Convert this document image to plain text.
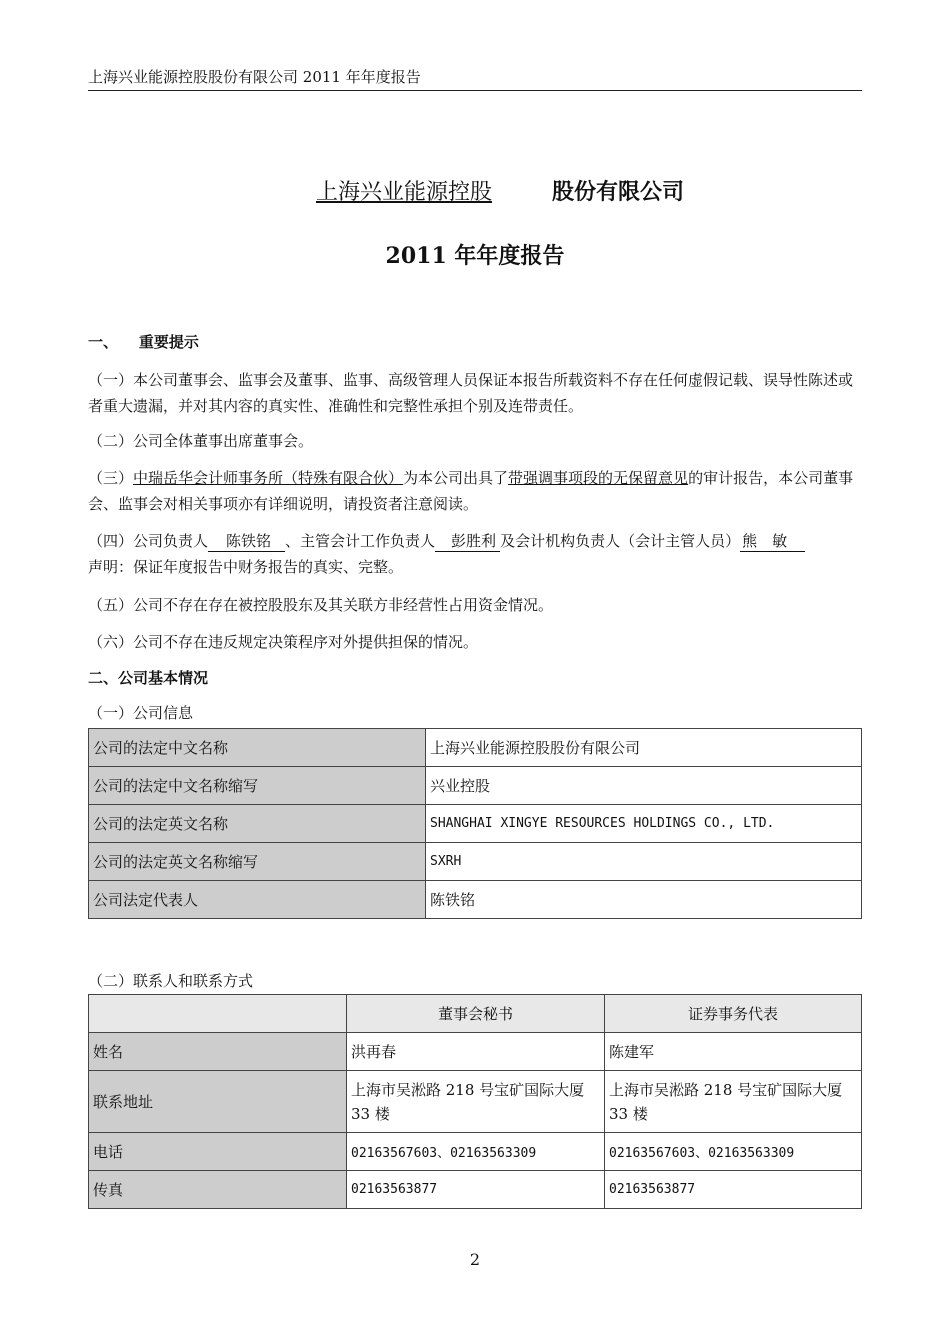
上海兴业能源控股股份有限公司 2011 年年度报告
上海兴业能源控股	股份有限公司
2011 年年度报告
一、    重要提示
（一）本公司董事会、监事会及董事、监事、高级管理人员保证本报告所载资料不存在任何虚假记载、误导性陈述或者重大遗漏，并对其内容的真实性、准确性和完整性承担个别及连带责任。
（二）公司全体董事出席董事会。
（三）中瑞岳华会计师事务所（特殊有限合伙）为本公司出具了带强调事项段的无保留意见的审计报告，本公司董事会、监事会对相关事项亦有详细说明，请投资者注意阅读。
（四）公司负责人 陈铁铭 、主管会计工作负责人 彭胜利 及会计机构负责人（会计主管人员） 熊　敏
声明：保证年度报告中财务报告的真实、完整。
（五）公司不存在存在被控股股东及其关联方非经营性占用资金情况。
（六）公司不存在违反规定决策程序对外提供担保的情况。
二、公司基本情况
（一）公司信息
公司的法定中文名称	上海兴业能源控股股份有限公司
公司的法定中文名称缩写	兴业控股
公司的法定英文名称	SHANGHAI XINGYE RESOURCES HOLDINGS CO., LTD.
公司的法定英文名称缩写	SXRH
公司法定代表人	陈铁铭
（二）联系人和联系方式
	董事会秘书	证券事务代表
姓名	洪再春	陈建军
联系地址	上海市吴淞路 218 号宝矿国际大厦 33 楼	上海市吴淞路 218 号宝矿国际大厦 33 楼
电话	02163567603、02163563309	02163567603、02163563309
传真	02163563877	02163563877
2
